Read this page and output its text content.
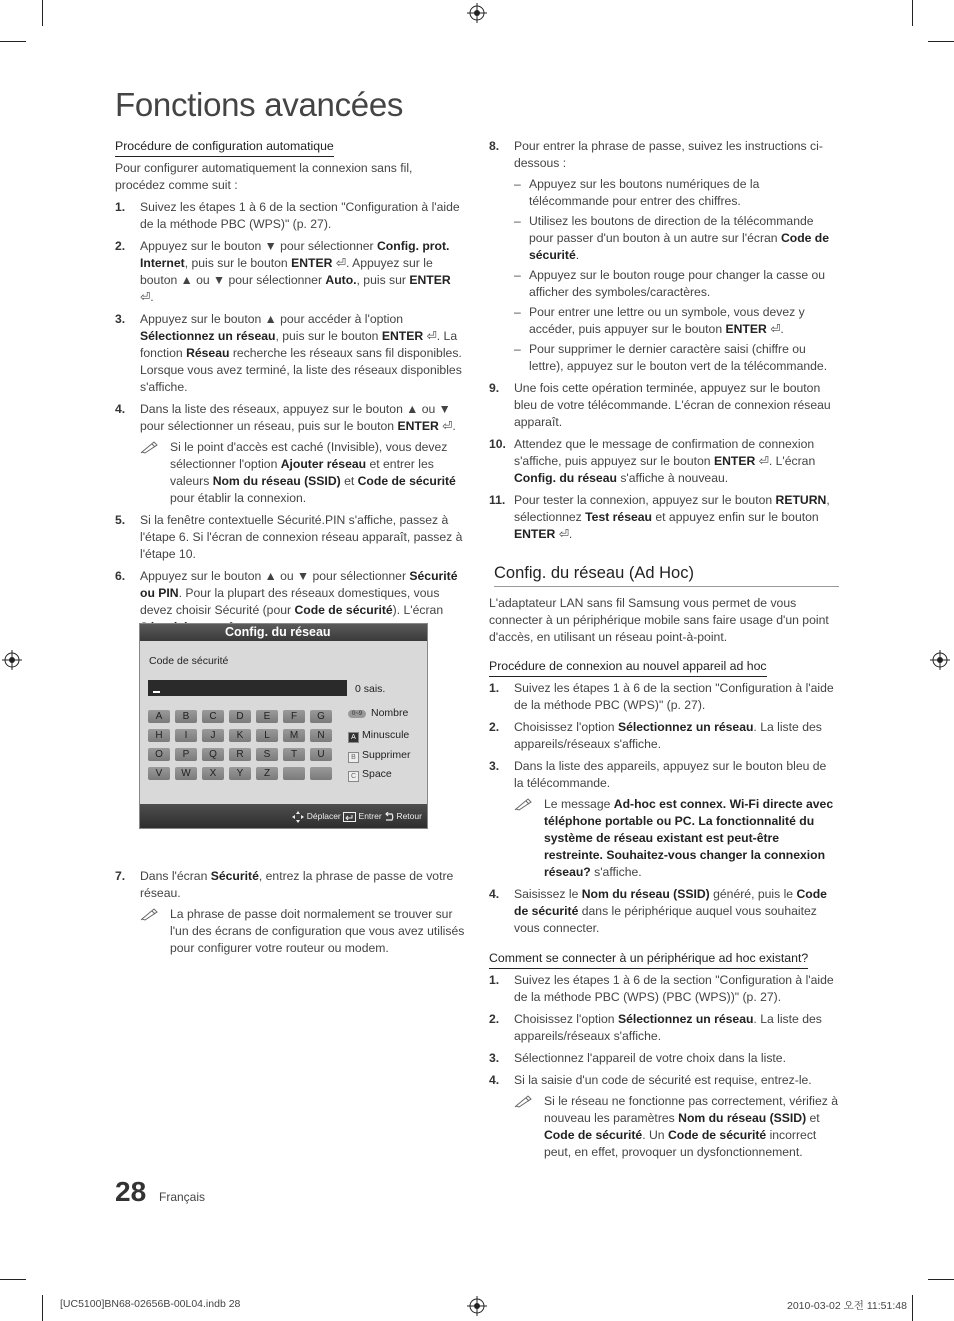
Fonctions avancées
Procédure de configuration automatique

Pour configurer automatiquement la connexion sans fil, procédez comme suit :

1. Suivez les étapes 1 à 6 de la section "Configuration à l'aide de la méthode PBC (WPS)" (p. 27).
2. Appuyez sur le bouton ▼ pour sélectionner Config. prot. Internet, puis sur le bouton ENTER ⏎. Appuyez sur le bouton ▲ ou ▼ pour sélectionner Auto., puis sur ENTER ⏎.
3. Appuyez sur le bouton ▲ pour accéder à l'option Sélectionnez un réseau, puis sur le bouton ENTER ⏎. La fonction Réseau recherche les réseaux sans fil disponibles. Lorsque vous avez terminé, la liste des réseaux disponibles s'affiche.
4. Dans la liste des réseaux, appuyez sur le bouton ▲ ou ▼ pour sélectionner un réseau, puis sur le bouton ENTER ⏎.
Si le point d'accès est caché (Invisible), vous devez sélectionner l'option Ajouter réseau et entrer les valeurs Nom du réseau (SSID) et Code de sécurité pour établir la connexion.
5. Si la fenêtre contextuelle Sécurité.PIN s'affiche, passez à l'étape 6. Si l'écran de connexion réseau apparaît, passez à l'étape 10.
6. Appuyez sur le bouton ▲ ou ▼ pour sélectionner Sécurité ou PIN. Pour la plupart des réseaux domestiques, vous devez choisir Sécurité (pour Code de sécurité). L'écran
7. Dans l'écran Sécurité, entrez la phrase de passe de votre réseau.
La phrase de passe doit normalement se trouver sur l'un des écrans de configuration que vous avez utilisés pour configurer votre routeur ou modem.
Config. du réseau
Code de sécurité
0 sais.
A	B	C	D	E	F	G
H	I	J	K	L	M	N
O	P	Q	R	S	T	U
V	W	X	Y	Z
0~9 Nombre
A Minuscule
B Supprimer
C Space
Déplacer Entrer Retour
8. Pour entrer la phrase de passe, suivez les instructions ci-dessous :
– Appuyez sur les boutons numériques de la télécommande pour entrer des chiffres.
– Utilisez les boutons de direction de la télécommande pour passer d'un bouton à un autre sur l'écran Code de sécurité.
– Appuyez sur le bouton rouge pour changer la casse ou afficher des symboles/caractères.
– Pour entrer une lettre ou un symbole, vous devez y accéder, puis appuyer sur le bouton ENTER ⏎.
– Pour supprimer le dernier caractère saisi (chiffre ou lettre), appuyez sur le bouton vert de la télécommande.
9. Une fois cette opération terminée, appuyez sur le bouton bleu de votre télécommande. L'écran de connexion réseau apparaît.
10. Attendez que le message de confirmation de connexion s'affiche, puis appuyez sur le bouton ENTER ⏎. L'écran Config. du réseau s'affiche à nouveau.
11. Pour tester la connexion, appuyez sur le bouton RETURN, sélectionnez Test réseau et appuyez enfin sur le bouton ENTER ⏎.
Config. du réseau (Ad Hoc)

L'adaptateur LAN sans fil Samsung vous permet de vous connecter à un périphérique mobile sans faire usage d'un point d'accès, en utilisant un réseau point-à-point.

Procédure de connexion au nouvel appareil ad hoc
1. Suivez les étapes 1 à 6 de la section "Configuration à l'aide de la méthode PBC (WPS)" (p. 27).
2. Choisissez l'option Sélectionnez un réseau. La liste des appareils/réseaux s'affiche.
3. Dans la liste des appareils, appuyez sur le bouton bleu de la télécommande.
Le message Ad-hoc est connex. Wi-Fi directe avec téléphone portable ou PC. La fonctionnalité du système de réseau existant est peut-être restreinte. Souhaitez-vous changer la connexion réseau? s'affiche.
4. Saisissez le Nom du réseau (SSID) généré, puis le Code de sécurité dans le périphérique auquel vous souhaitez vous connecter.
Comment se connecter à un périphérique ad hoc existant?
1. Suivez les étapes 1 à 6 de la section "Configuration à l'aide de la méthode PBC (WPS) (PBC (WPS))" (p. 27).
2. Choisissez l'option Sélectionnez un réseau. La liste des appareils/réseaux s'affiche.
3. Sélectionnez l'appareil de votre choix dans la liste.
4. Si la saisie d'un code de sécurité est requise, entrez-le.
Si le réseau ne fonctionne pas correctement, vérifiez à nouveau les paramètres Nom du réseau (SSID) et Code de sécurité. Un Code de sécurité incorrect peut, en effet, provoquer un dysfonctionnement.
28 Français
[UC5100]BN68-02656B-00L04.indb 28	2010-03-02 오전 11:51:48
